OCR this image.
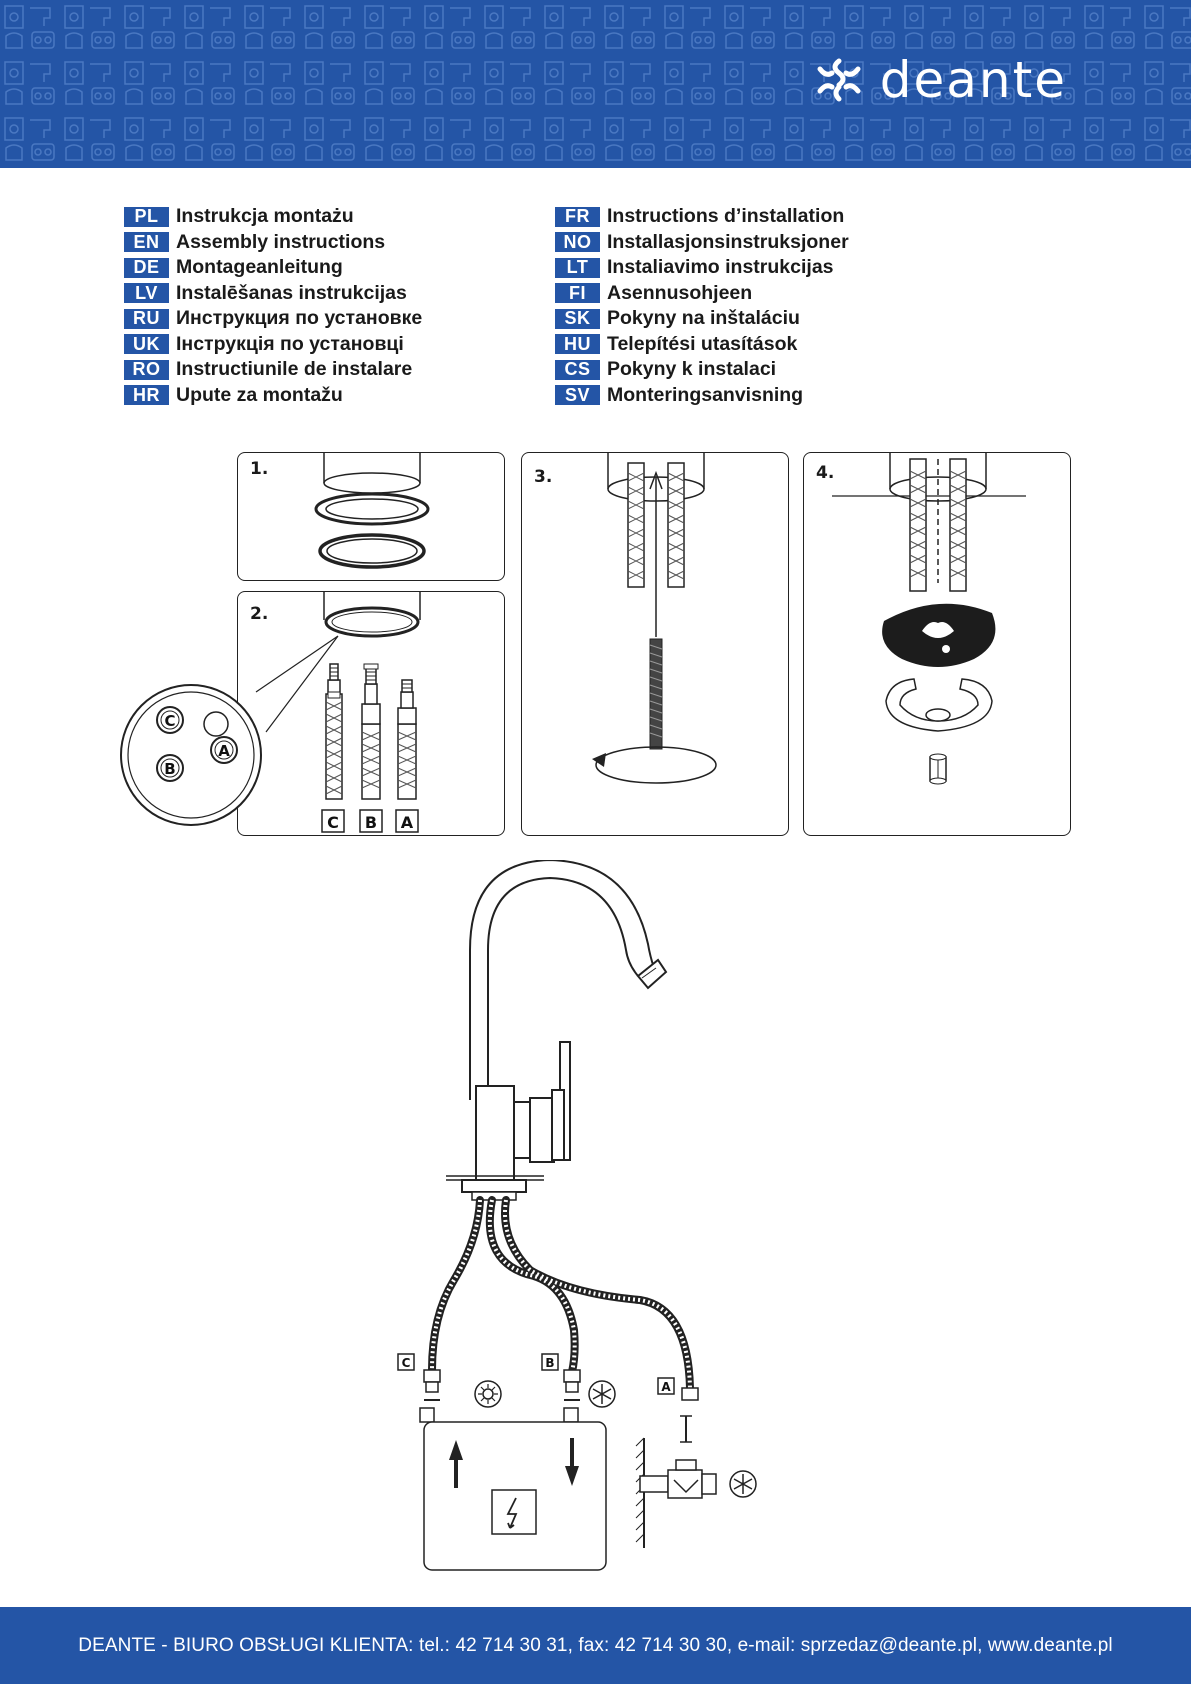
deante
PL Instrukcja montażu
EN Assembly instructions
DE Montageanleitung
LV Instalēšanas instrukcijas
RU Инструкция по установке
UK Інструкція по установці
RO Instructiunile de instalare
HR Upute za montažu
FR Instructions d’installation
NO Installasjonsinstruksjoner
LT Instaliavimo instrukcijas
FI	Asennusohjeen
SK Pokyny na inštaláciu
HU Telepítési utasítások
CS Pokyny k instalaci
SV Monteringsanvisning
1.
2.
C B A
C
A
B
3.	4.
C	B
A
DEANTE - BIURO OBSŁUGI KLIENTA: tel.: 42 714 30 31, fax: 42 714 30 30, e-mail: sprzedaz@deante.pl, www.deante.pl
